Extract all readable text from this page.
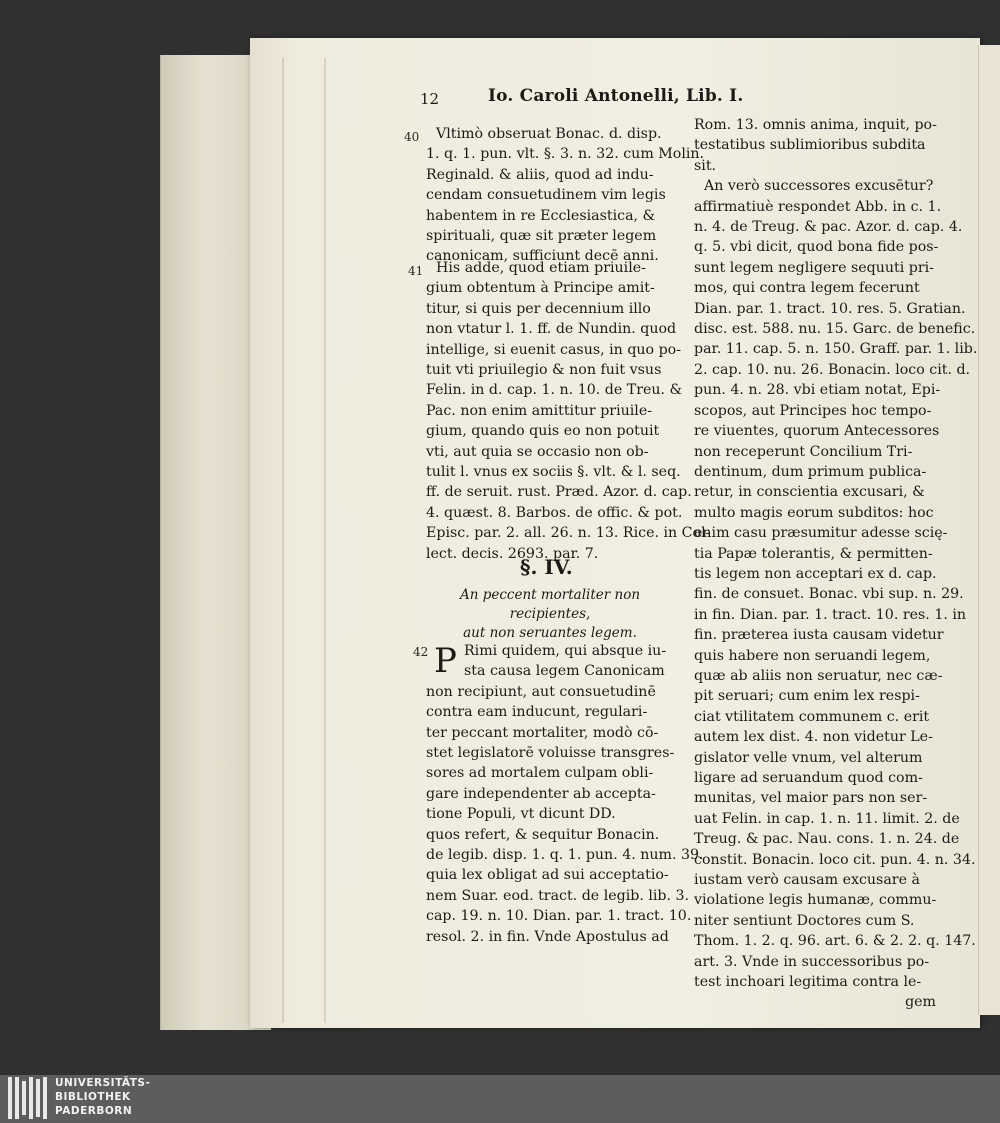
12	Io. Caroli Antonelli, Lib. I.
40
41
42
Vltimò obseruat Bonac. d. disp.
1. q. 1. pun. vlt. §. 3. n. 32. cum Molin.
Reginald. & aliis, quod ad indu-
cendam consuetudinem vim legis
habentem in re Ecclesiastica, &
spirituali, quæ sit præter legem
canonicam, sufficiunt decē anni.
His adde, quod etiam priuile-
gium obtentum à Principe amit-
titur, si quis per decennium illo
non vtatur l. 1. ff. de Nundin. quod
intellige, si euenit casus, in quo po-
tuit vti priuilegio & non fuit vsus
Felin. in d. cap. 1. n. 10. de Treu. &
Pac. non enim amittitur priuile-
gium, quando quis eo non potuit
vti, aut quia se occasio non ob-
tulit l. vnus ex sociis §. vlt. & l. seq.
ff. de seruit. rust. Præd. Azor. d. cap.
4. quæst. 8. Barbos. de offic. & pot.
Episc. par. 2. all. 26. n. 13. Rice. in Col-
lect. decis. 2693. par. 7.
§. IV.
An peccent mortaliter non recipientes,
aut non seruantes legem.
P Rimi quidem, qui absque iu-
sta causa legem Canonicam
non recipiunt, aut consuetudinē
contra eam inducunt, regulari-
ter peccant mortaliter, modò cō-
stet legislatorē voluisse transgres-
sores ad mortalem culpam obli-
gare independenter ab accepta-
tione Populi, vt dicunt DD.
quos refert, & sequitur Bonacin.
de legib. disp. 1. q. 1. pun. 4. num. 39.
quia lex obligat ad sui acceptatio-
nem Suar. eod. tract. de legib. lib. 3.
cap. 19. n. 10. Dian. par. 1. tract. 10.
resol. 2. in fin. Vnde Apostulus ad
Rom. 13. omnis anima, inquit, po-
testatibus sublimioribus subdita
sit.
An verò successores excusētur?
affirmatiuè respondet Abb. in c. 1.
n. 4. de Treug. & pac. Azor. d. cap. 4.
q. 5. vbi dicit, quod bona fide pos-
sunt legem negligere sequuti pri-
mos, qui contra legem fecerunt
Dian. par. 1. tract. 10. res. 5. Gratian.
disc. est. 588. nu. 15. Garc. de benefic.
par. 11. cap. 5. n. 150. Graff. par. 1. lib.
2. cap. 10. nu. 26. Bonacin. loco cit. d.
pun. 4. n. 28. vbi etiam notat, Epi-
scopos, aut Principes hoc tempo-
re viuentes, quorum Antecessores
non receperunt Concilium Tri-
dentinum, dum primum publica-
retur, in conscientia excusari, &
multo magis eorum subditos: hoc
enim casu præsumitur adesse scię-
tia Papæ tolerantis, & permitten-
tis legem non acceptari ex d. cap.
fin. de consuet. Bonac. vbi sup. n. 29.
in fin. Dian. par. 1. tract. 10. res. 1. in
fin. præterea iusta causam videtur
quis habere non seruandi legem,
quæ ab aliis non seruatur, nec cæ-
pit seruari; cum enim lex respi-
ciat vtilitatem communem c. erit
autem lex dist. 4. non videtur Le-
gislator velle vnum, vel alterum
ligare ad seruandum quod com-
munitas, vel maior pars non ser-
uat Felin. in cap. 1. n. 11. limit. 2. de
Treug. & pac. Nau. cons. 1. n. 24. de
constit. Bonacin. loco cit. pun. 4. n. 34.
iustam verò causam excusare à
violatione legis humanæ, commu-
niter sentiunt Doctores cum S.
Thom. 1. 2. q. 96. art. 6. & 2. 2. q. 147.
art. 3. Vnde in successoribus po-
test inchoari legitima contra le-
gem
UNIVERSITÄTS-
BIBLIOTHEK
PADERBORN
